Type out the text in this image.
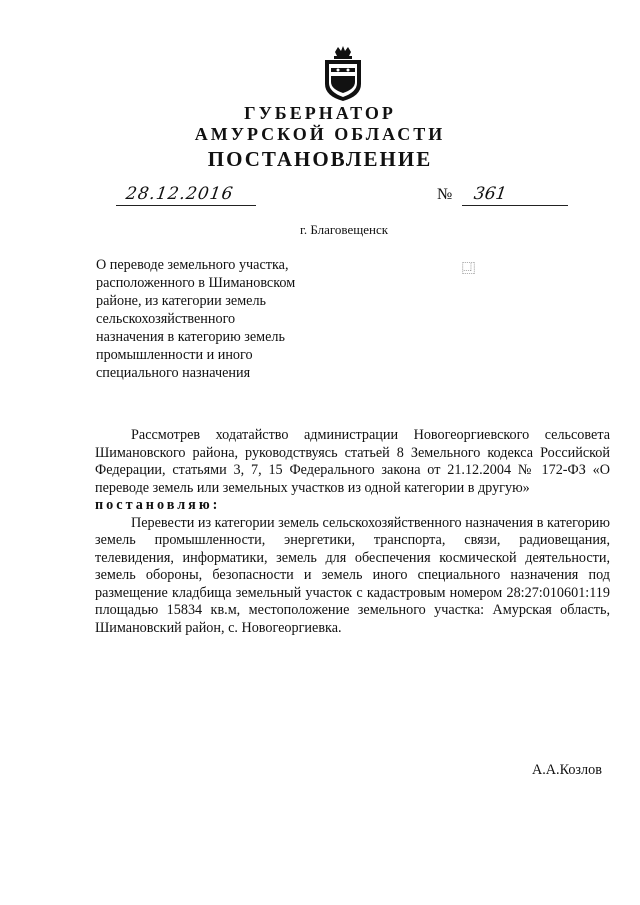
ГУБЕРНАТОР
АМУРСКОЙ ОБЛАСТИ
ПОСТАНОВЛЕНИЕ
28.12.2016	№ 361
г. Благовещенск
О переводе земельного участка,
расположенного в Шимановском
районе, из категории земель
сельскохозяйственного
назначения в категорию земель
промышленности и иного
специального назначения
⿽

Рассмотрев ходатайство администрации Новогеоргиевского сельсовета Шимановского района, руководствуясь статьей 8 Земельного кодекса Российской Федерации, статьями 3, 7, 15 Федерального закона от 21.12.2004 № 172-ФЗ «О переводе земель или земельных участков из одной категории в другую»

постановляю:

Перевести из категории земель сельскохозяйственного назначения в категорию земель промышленности, энергетики, транспорта, связи, радиовещания, телевидения, информатики, земель для обеспечения космической деятельности, земель обороны, безопасности и земель иного специального назначения под размещение кладбища земельный участок с кадастровым номером 28:27:010601:119 площадью 15834 кв.м, местоположение земельного участка: Амурская область, Шимановский район, с. Новогеоргиевка.

А.А.Козлов
